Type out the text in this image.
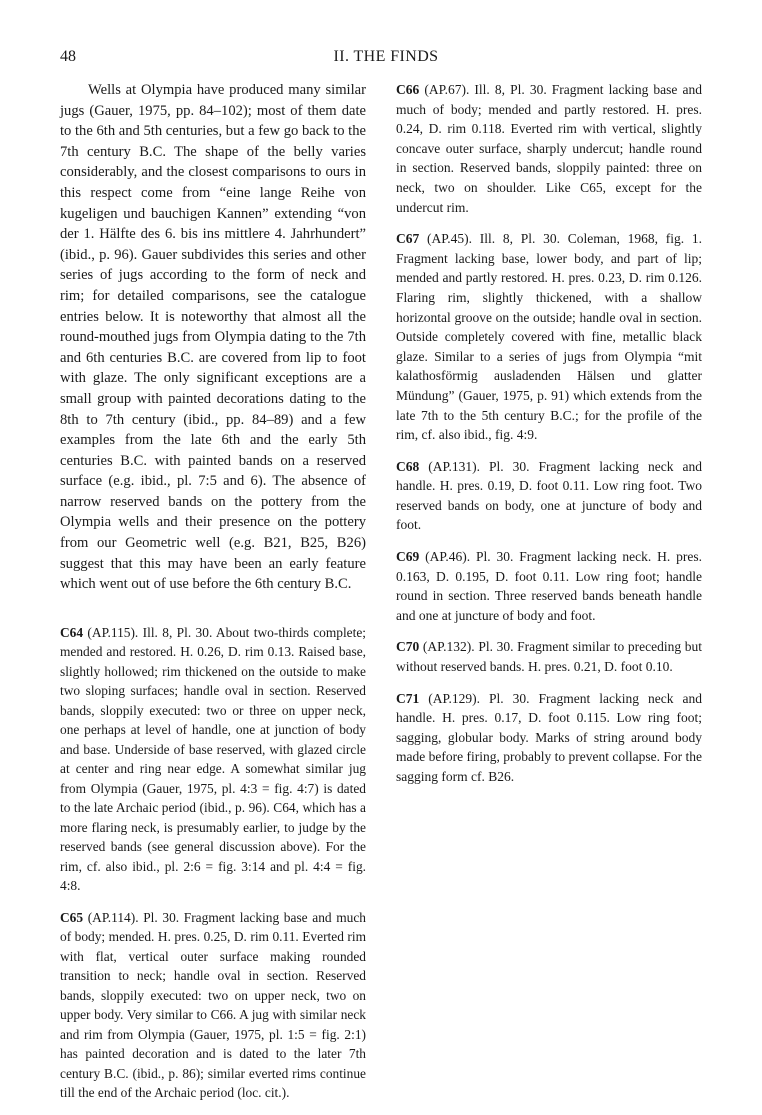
48	II. THE FINDS

Wells at Olympia have produced many similar jugs (Gauer, 1975, pp. 84–102); most of them date to the 6th and 5th centuries, but a few go back to the 7th century B.C. The shape of the belly varies considerably, and the closest comparisons to ours in this respect come from “eine lange Reihe von kugeligen und bauchigen Kannen” extending “von der 1. Hälfte des 6. bis ins mittlere 4. Jahrhundert” (ibid., p. 96). Gauer subdivides this series and other series of jugs according to the form of neck and rim; for detailed comparisons, see the catalogue entries below. It is noteworthy that almost all the round-mouthed jugs from Olympia dating to the 7th and 6th centuries B.C. are covered from lip to foot with glaze. The only significant exceptions are a small group with painted decorations dating to the 8th to 7th century (ibid., pp. 84–89) and a few examples from the late 6th and the early 5th centuries B.C. with painted bands on a reserved surface (e.g. ibid., pl. 7:5 and 6). The absence of narrow reserved bands on the pottery from the Olympia wells and their presence on the pottery from our Geometric well (e.g. B21, B25, B26) suggest that this may have been an early feature which went out of use before the 6th century B.C.

C64 (AP.115). Ill. 8, Pl. 30. About two-thirds complete; mended and restored. H. 0.26, D. rim 0.13. Raised base, slightly hollowed; rim thickened on the outside to make two sloping surfaces; handle oval in section. Reserved bands, sloppily executed: two or three on upper neck, one perhaps at level of handle, one at junction of body and base. Underside of base reserved, with glazed circle at center and ring near edge. A somewhat similar jug from Olympia (Gauer, 1975, pl. 4:3 = fig. 4:7) is dated to the late Archaic period (ibid., p. 96). C64, which has a more flaring neck, is presumably earlier, to judge by the reserved bands (see general discussion above). For the rim, cf. also ibid., pl. 2:6 = fig. 3:14 and pl. 4:4 = fig. 4:8.

C65 (AP.114). Pl. 30. Fragment lacking base and much of body; mended. H. pres. 0.25, D. rim 0.11. Everted rim with flat, vertical outer surface making rounded transition to neck; handle oval in section. Reserved bands, sloppily executed: two on upper neck, two on upper body. Very similar to C66. A jug with similar neck and rim from Olympia (Gauer, 1975, pl. 1:5 = fig. 2:1) has painted decoration and is dated to the later 7th century B.C. (ibid., p. 86); similar everted rims continue till the end of the Archaic period (loc. cit.).

C66 (AP.67). Ill. 8, Pl. 30. Fragment lacking base and much of body; mended and partly restored. H. pres. 0.24, D. rim 0.118. Everted rim with vertical, slightly concave outer surface, sharply undercut; handle round in section. Reserved bands, sloppily painted: three on neck, two on shoulder. Like C65, except for the undercut rim.

C67 (AP.45). Ill. 8, Pl. 30. Coleman, 1968, fig. 1. Fragment lacking base, lower body, and part of lip; mended and partly restored. H. pres. 0.23, D. rim 0.126. Flaring rim, slightly thickened, with a shallow horizontal groove on the outside; handle oval in section. Outside completely covered with fine, metallic black glaze. Similar to a series of jugs from Olympia “mit kalathosförmig ausladenden Hälsen und glatter Mündung” (Gauer, 1975, p. 91) which extends from the late 7th to the 5th century B.C.; for the profile of the rim, cf. also ibid., fig. 4:9.

C68 (AP.131). Pl. 30. Fragment lacking neck and handle. H. pres. 0.19, D. foot 0.11. Low ring foot. Two reserved bands on body, one at juncture of body and foot.

C69 (AP.46). Pl. 30. Fragment lacking neck. H. pres. 0.163, D. 0.195, D. foot 0.11. Low ring foot; handle round in section. Three reserved bands beneath handle and one at juncture of body and foot.

C70 (AP.132). Pl. 30. Fragment similar to preceding but without reserved bands. H. pres. 0.21, D. foot 0.10.

C71 (AP.129). Pl. 30. Fragment lacking neck and handle. H. pres. 0.17, D. foot 0.115. Low ring foot; sagging, globular body. Marks of string around body made before firing, probably to prevent collapse. For the sagging form cf. B26.
